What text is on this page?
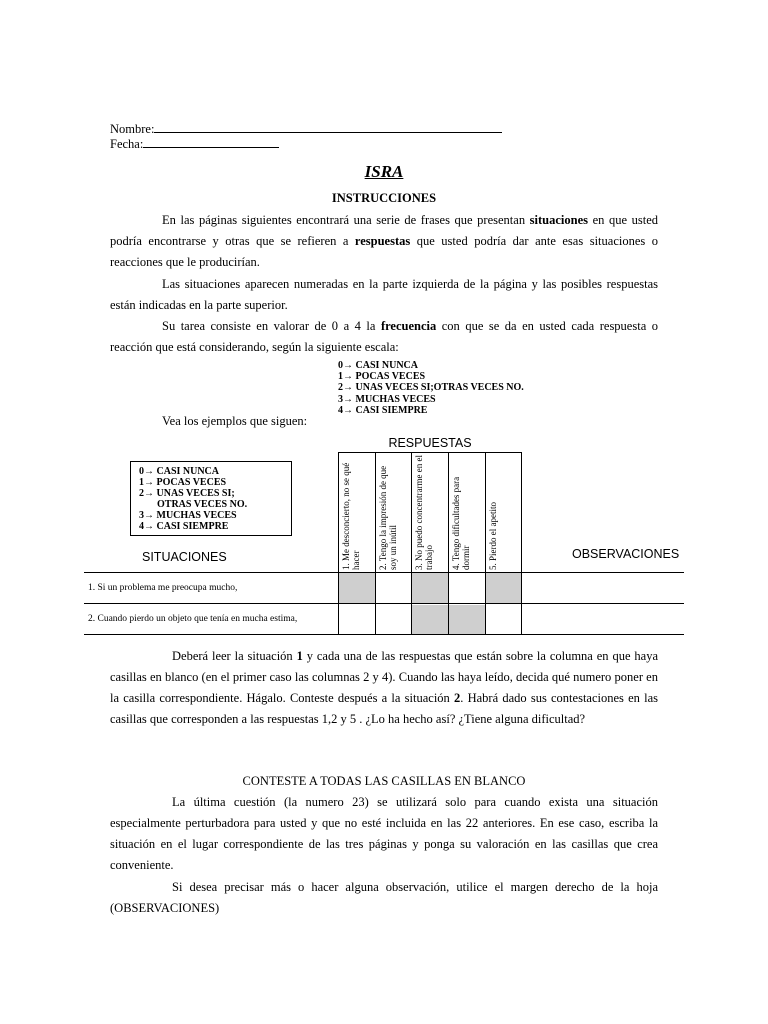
Nombre:
Fecha:
ISRA
INSTRUCCIONES
En las páginas siguientes encontrará una serie de frases que presentan situaciones en que usted podría encontrarse y otras que se refieren a respuestas que usted podría dar ante esas situaciones o reacciones que le producirían.
Las situaciones aparecen numeradas en la parte izquierda de la página y las posibles respuestas están indicadas en la parte superior.
Su tarea consiste en valorar de 0 a 4 la frecuencia con que se da en usted cada respuesta o reacción que está considerando, según la siguiente escala:
0→ CASI NUNCA
1→ POCAS VECES
2→ UNAS VECES SI;OTRAS VECES NO.
3→ MUCHAS VECES
4→ CASI SIEMPRE
Vea los ejemplos que siguen:
RESPUESTAS
0→ CASI NUNCA
1→ POCAS VECES
2→ UNAS VECES SI;
OTRAS VECES NO.
3→ MUCHAS VECES
4→ CASI SIEMPRE
SITUACIONES	OBSERVACIONES
1. Me desconcierto, no se qué hacer 2. Tengo la impresión de que soy un inútil 3. No puedo concentrarme en el trabajo 4. Tengo dificultades para dormir 5. Pierdo el apetito
1. Si un problema me preocupa mucho,
2. Cuando pierdo un objeto que tenía en mucha estima,
Deberá leer la situación 1 y cada una de las respuestas que están sobre la columna en que haya casillas en blanco (en el primer caso las columnas 2 y 4). Cuando las haya leído, decida qué numero poner en la casilla correspondiente. Hágalo. Conteste después a la situación 2. Habrá dado sus contestaciones en las casillas que corresponden a las respuestas 1,2 y 5 . ¿Lo ha hecho así? ¿Tiene alguna dificultad?
CONTESTE A TODAS LAS CASILLAS EN BLANCO
La última cuestión (la numero 23) se utilizará solo para cuando exista una situación especialmente perturbadora para usted y que no esté incluida en las 22 anteriores. En ese caso, escriba la situación en el lugar correspondiente de las tres páginas y ponga su valoración en las casillas que crea conveniente.
Si desea precisar más o hacer alguna observación, utilice el margen derecho de la hoja (OBSERVACIONES)
